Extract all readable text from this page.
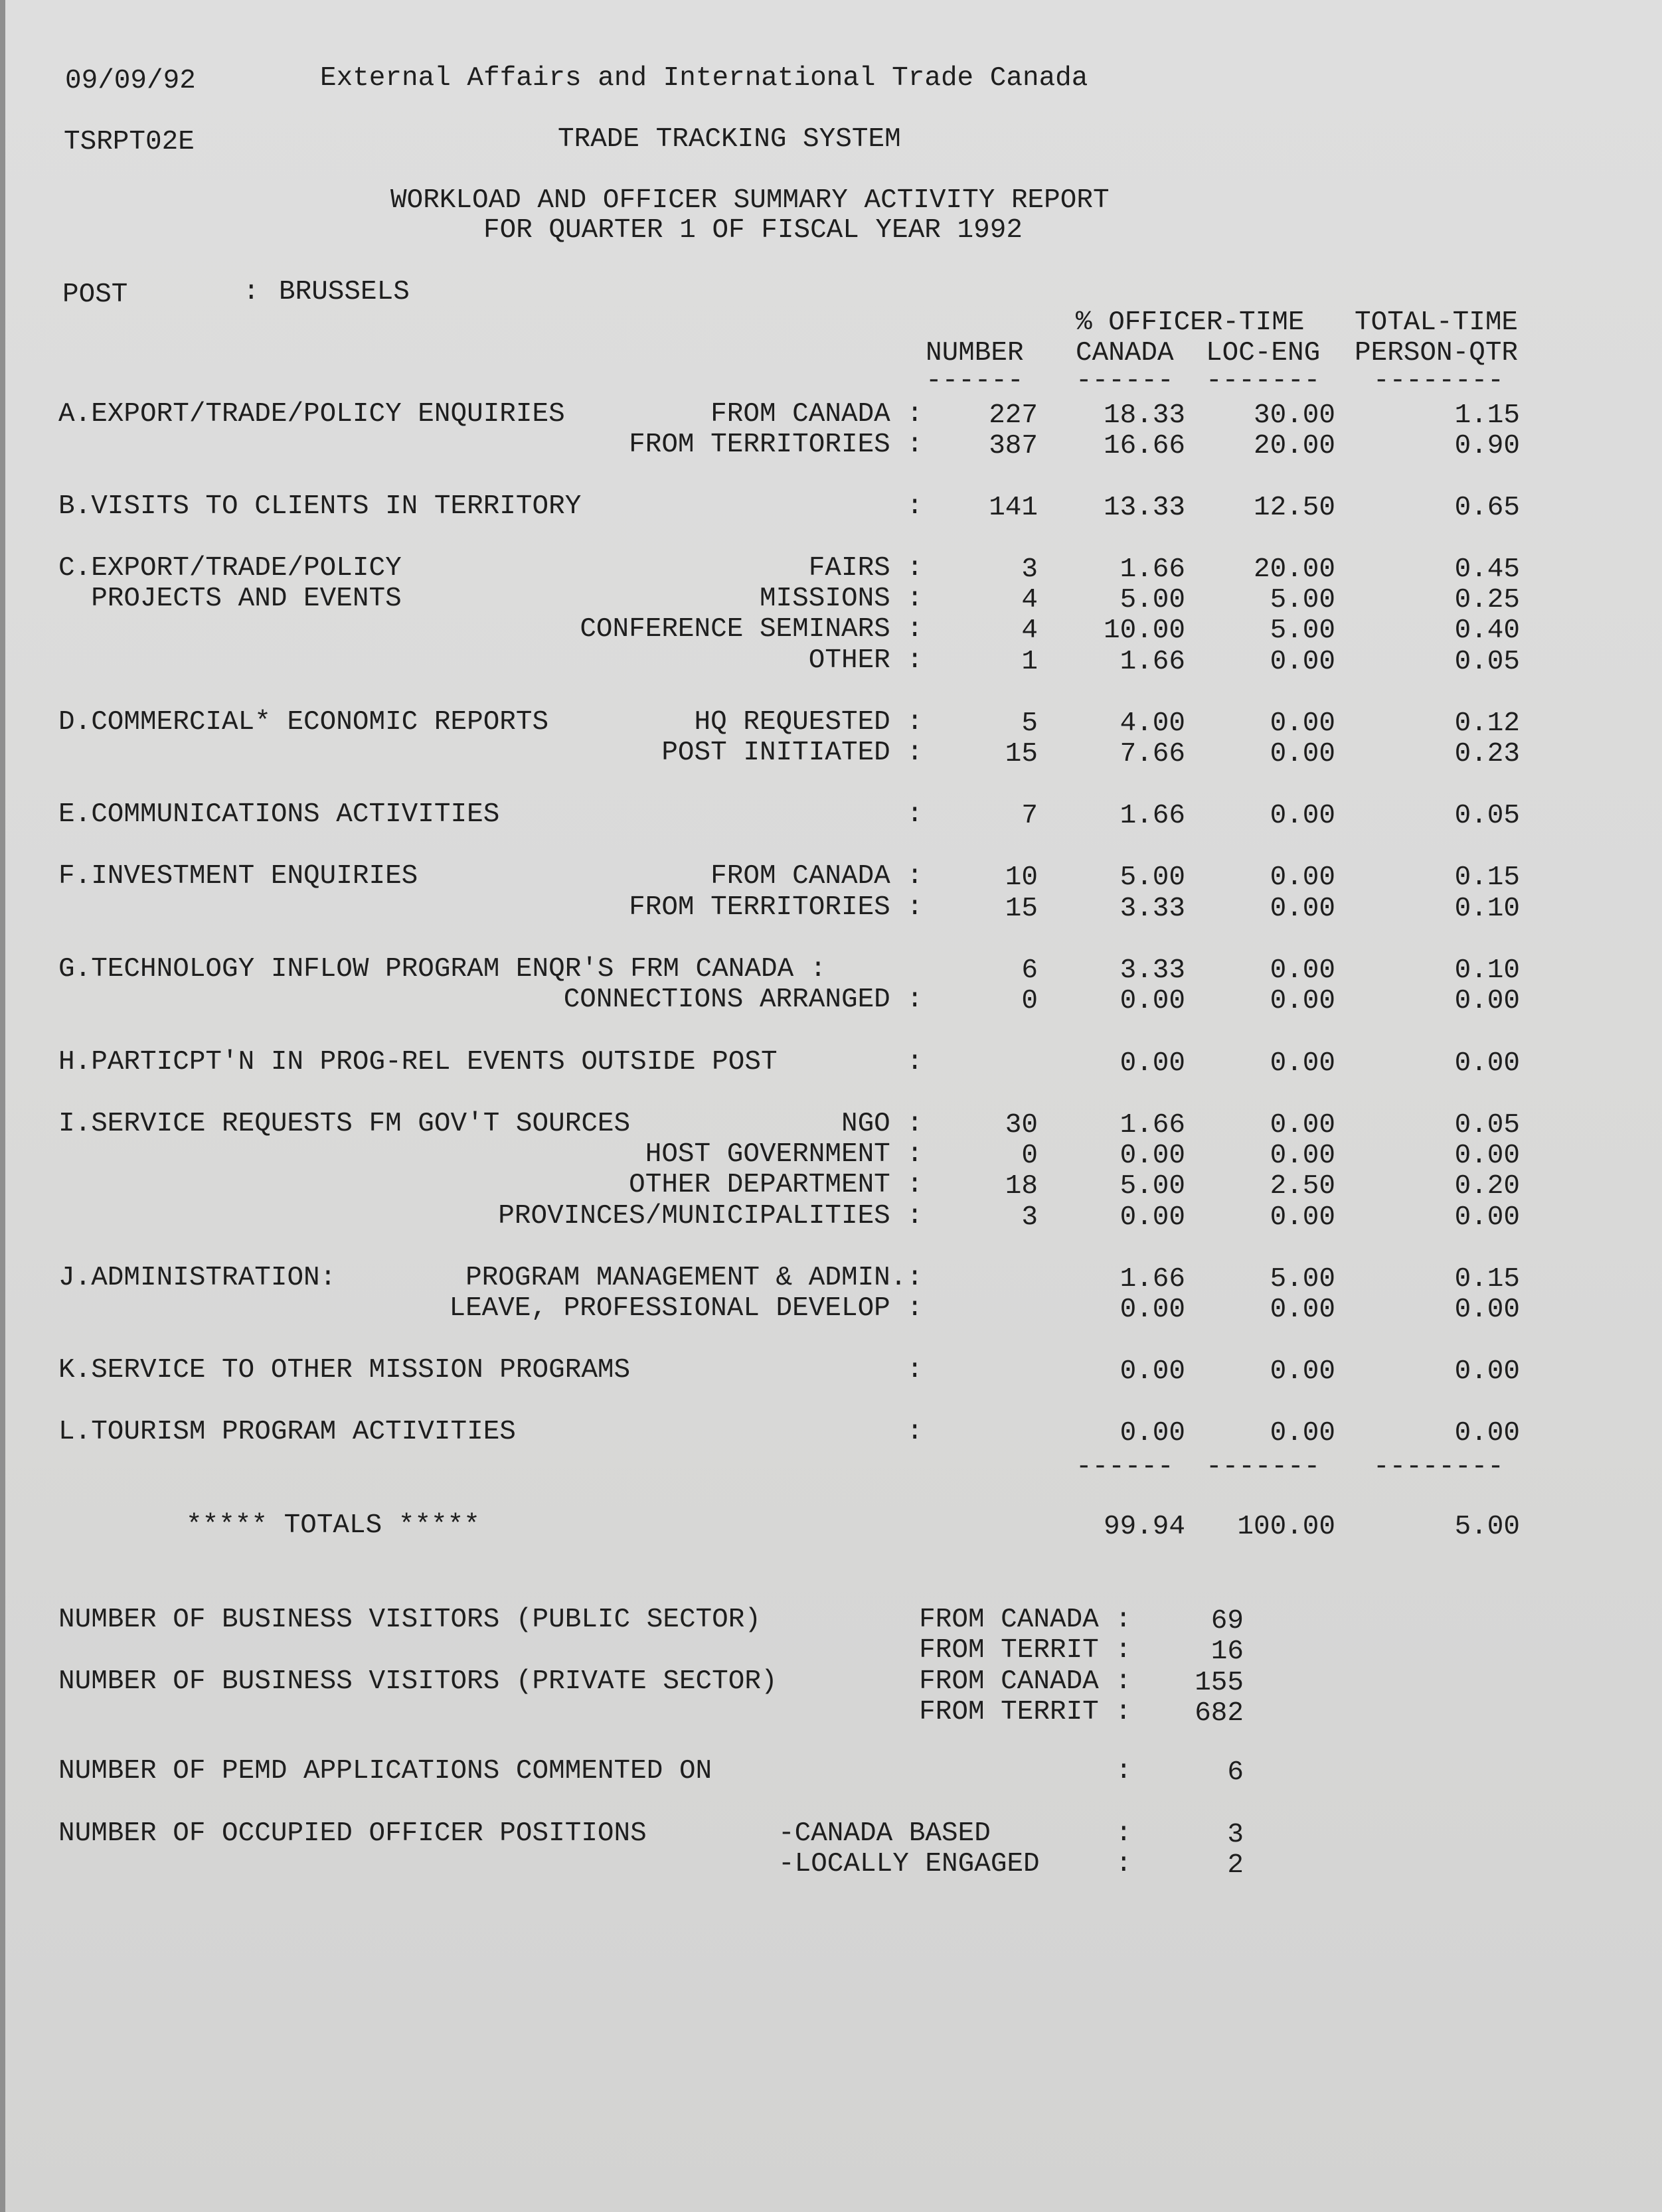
09/09/92	External Affairs and International Trade Canada
TSRPT02E	TRADE TRACKING SYSTEM
WORKLOAD AND OFFICER SUMMARY ACTIVITY REPORT
FOR QUARTER 1 OF FISCAL YEAR 1992
POST	: BRUSSELS
% OFFICER-TIME TOTAL-TIME
NUMBER CANADA LOC-ENG PERSON-QTR
------ ------ ------- --------
A.EXPORT/TRADE/POLICY ENQUIRIES	FROM CANADA : 227 18.33	30.00	1.15
FROM TERRITORIES : 387 16.66	20.00	0.90
B.VISITS TO CLIENTS IN TERRITORY	: 141 13.33	12.50	0.65
C.EXPORT/TRADE/POLICY	FAIRS :	3	1.66	20.00	0.45
PROJECTS AND EVENTS	MISSIONS :	4	5.00	5.00	0.25
CONFERENCE SEMINARS :	4 10.00	5.00	0.40
OTHER :	1	1.66	0.00	0.05
D.COMMERCIAL* ECONOMIC REPORTS	HQ REQUESTED :	5	4.00	0.00	0.12
POST INITIATED :	15	7.66	0.00	0.23
E.COMMUNICATIONS ACTIVITIES	:	7	1.66	0.00	0.05
F.INVESTMENT ENQUIRIES	FROM CANADA :	10	5.00	0.00	0.15
FROM TERRITORIES :	15	3.33	0.00	0.10
G.TECHNOLOGY INFLOW PROGRAM ENQR'S FRM CANADA :	6	3.33	0.00	0.10
CONNECTIONS ARRANGED :	0	0.00	0.00	0.00
H.PARTICPT'N IN PROG-REL EVENTS OUTSIDE POST	:	0.00	0.00	0.00
I.SERVICE REQUESTS FM GOV'T SOURCES	NGO :	30	1.66	0.00	0.05
HOST GOVERNMENT :	0	0.00	0.00	0.00
OTHER DEPARTMENT :	18	5.00	2.50	0.20
PROVINCES/MUNICIPALITIES :	3	0.00	0.00	0.00
J.ADMINISTRATION:	PROGRAM MANAGEMENT & ADMIN.:	1.66	5.00	0.15
LEAVE, PROFESSIONAL DEVELOP :	0.00	0.00	0.00
K.SERVICE TO OTHER MISSION PROGRAMS	:	0.00	0.00	0.00
L.TOURISM PROGRAM ACTIVITIES	:	0.00	0.00	0.00
------ ------- --------
***** TOTALS *****	99.94 100.00	5.00
NUMBER OF BUSINESS VISITORS (PUBLIC SECTOR)	FROM CANADA :	69
FROM TERRIT :	16
NUMBER OF BUSINESS VISITORS (PRIVATE SECTOR)	FROM CANADA : 155
FROM TERRIT : 682
NUMBER OF PEMD APPLICATIONS COMMENTED ON	:	6
NUMBER OF OCCUPIED OFFICER POSITIONS	-CANADA BASED	:	3
-LOCALLY ENGAGED	:	2
